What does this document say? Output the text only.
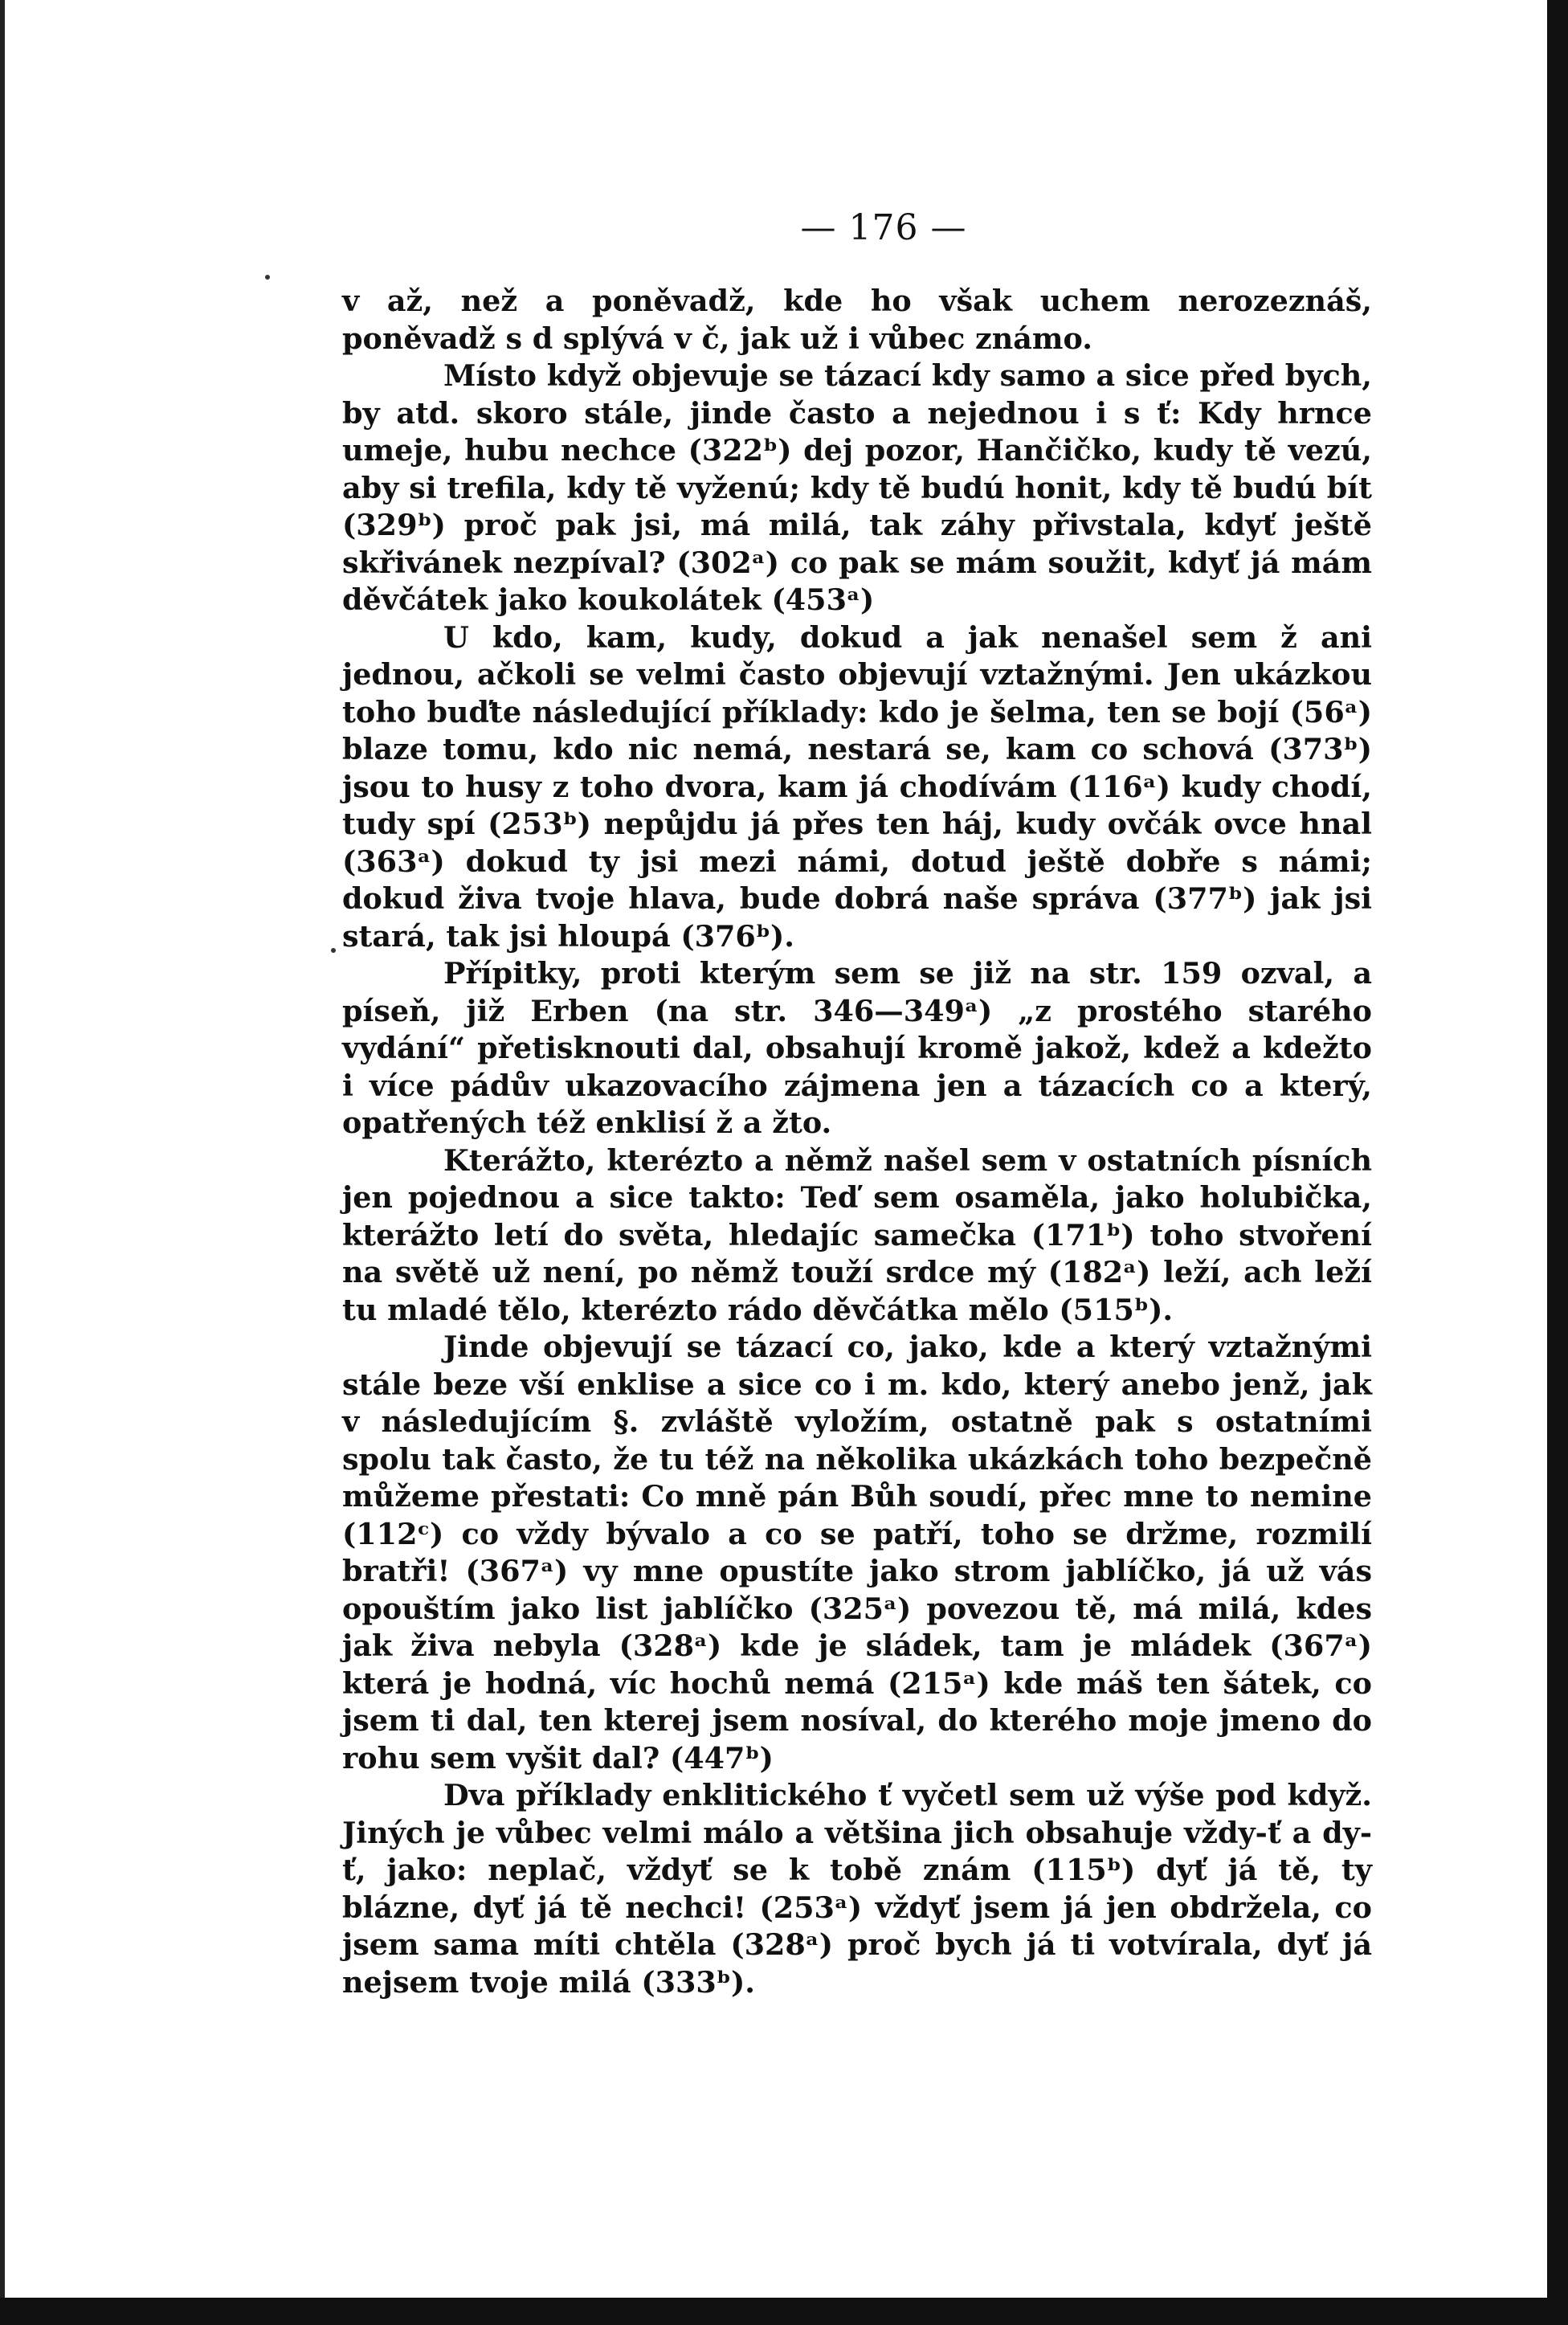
— 176 —

v až, než a poněvadž, kde ho však uchem nerozeznáš, poněvadž s d splývá v č, jak už i vůbec známo.

Místo když objevuje se tázací kdy samo a sice před bych, by atd. skoro stále, jinde často a nejednou i s ť: Kdy hrnce umeje, hubu nechce (322ᵇ) dej pozor, Hančičko, kudy tě vezú, aby si trefila, kdy tě vyženú; kdy tě budú honit, kdy tě budú bít (329ᵇ) proč pak jsi, má milá, tak záhy přivstala, kdyť ještě skřivánek nezpíval? (302ᵃ) co pak se mám soužit, kdyť já mám děvčátek jako koukolátek (453ᵃ)

U kdo, kam, kudy, dokud a jak nenašel sem ž ani jednou, ačkoli se velmi často objevují vztažnými. Jen ukázkou toho buďte následující příklady: kdo je šelma, ten se bojí (56ᵃ) blaze tomu, kdo nic nemá, nestará se, kam co schová (373ᵇ) jsou to husy z toho dvora, kam já chodívám (116ᵃ) kudy chodí, tudy spí (253ᵇ) nepůjdu já přes ten háj, kudy ovčák ovce hnal (363ᵃ) dokud ty jsi mezi námi, dotud ještě dobře s námi; dokud živa tvoje hlava, bude dobrá naše správa (377ᵇ) jak jsi stará, tak jsi hloupá (376ᵇ).

Přípitky, proti kterým sem se již na str. 159 ozval, a píseň, již Erben (na str. 346—349ᵃ) „z prostého starého vydání“ přetisknouti dal, obsahují kromě jakož, kdež a kdežto i více pádův ukazovacího zájmena jen a tázacích co a který, opatřených též enklisí ž a žto.

Kterážto, kterézto a němž našel sem v ostatních písních jen pojednou a sice takto: Teď sem osaměla, jako holubička, kterážto letí do světa, hledajíc samečka (171ᵇ) toho stvoření na světě už není, po němž touží srdce mý (182ᵃ) leží, ach leží tu mladé tělo, kterézto rádo děvčátka mělo (515ᵇ).

Jinde objevují se tázací co, jako, kde a který vztažnými stále beze vší enklise a sice co i m. kdo, který anebo jenž, jak v následujícím §. zvláště vyložím, ostatně pak s ostatními spolu tak často, že tu též na několika ukázkách toho bezpečně můžeme přestati: Co mně pán Bůh soudí, přec mne to nemine (112ᶜ) co vždy bývalo a co se patří, toho se držme, rozmilí bratři! (367ᵃ) vy mne opustíte jako strom jablíčko, já už vás opouštím jako list jablíčko (325ᵃ) povezou tě, má milá, kdes jak živa nebyla (328ᵃ) kde je sládek, tam je mládek (367ᵃ) která je hodná, víc hochů nemá (215ᵃ) kde máš ten šátek, co jsem ti dal, ten kterej jsem nosíval, do kterého moje jmeno do rohu sem vyšit dal? (447ᵇ)

Dva příklady enklitického ť vyčetl sem už výše pod když. Jiných je vůbec velmi málo a většina jich obsahuje vždy-ť a dy-ť, jako: neplač, vždyť se k tobě znám (115ᵇ) dyť já tě, ty blázne, dyť já tě nechci! (253ᵃ) vždyť jsem já jen obdržela, co jsem sama míti chtěla (328ᵃ) proč bych já ti votvírala, dyť já nejsem tvoje milá (333ᵇ).
